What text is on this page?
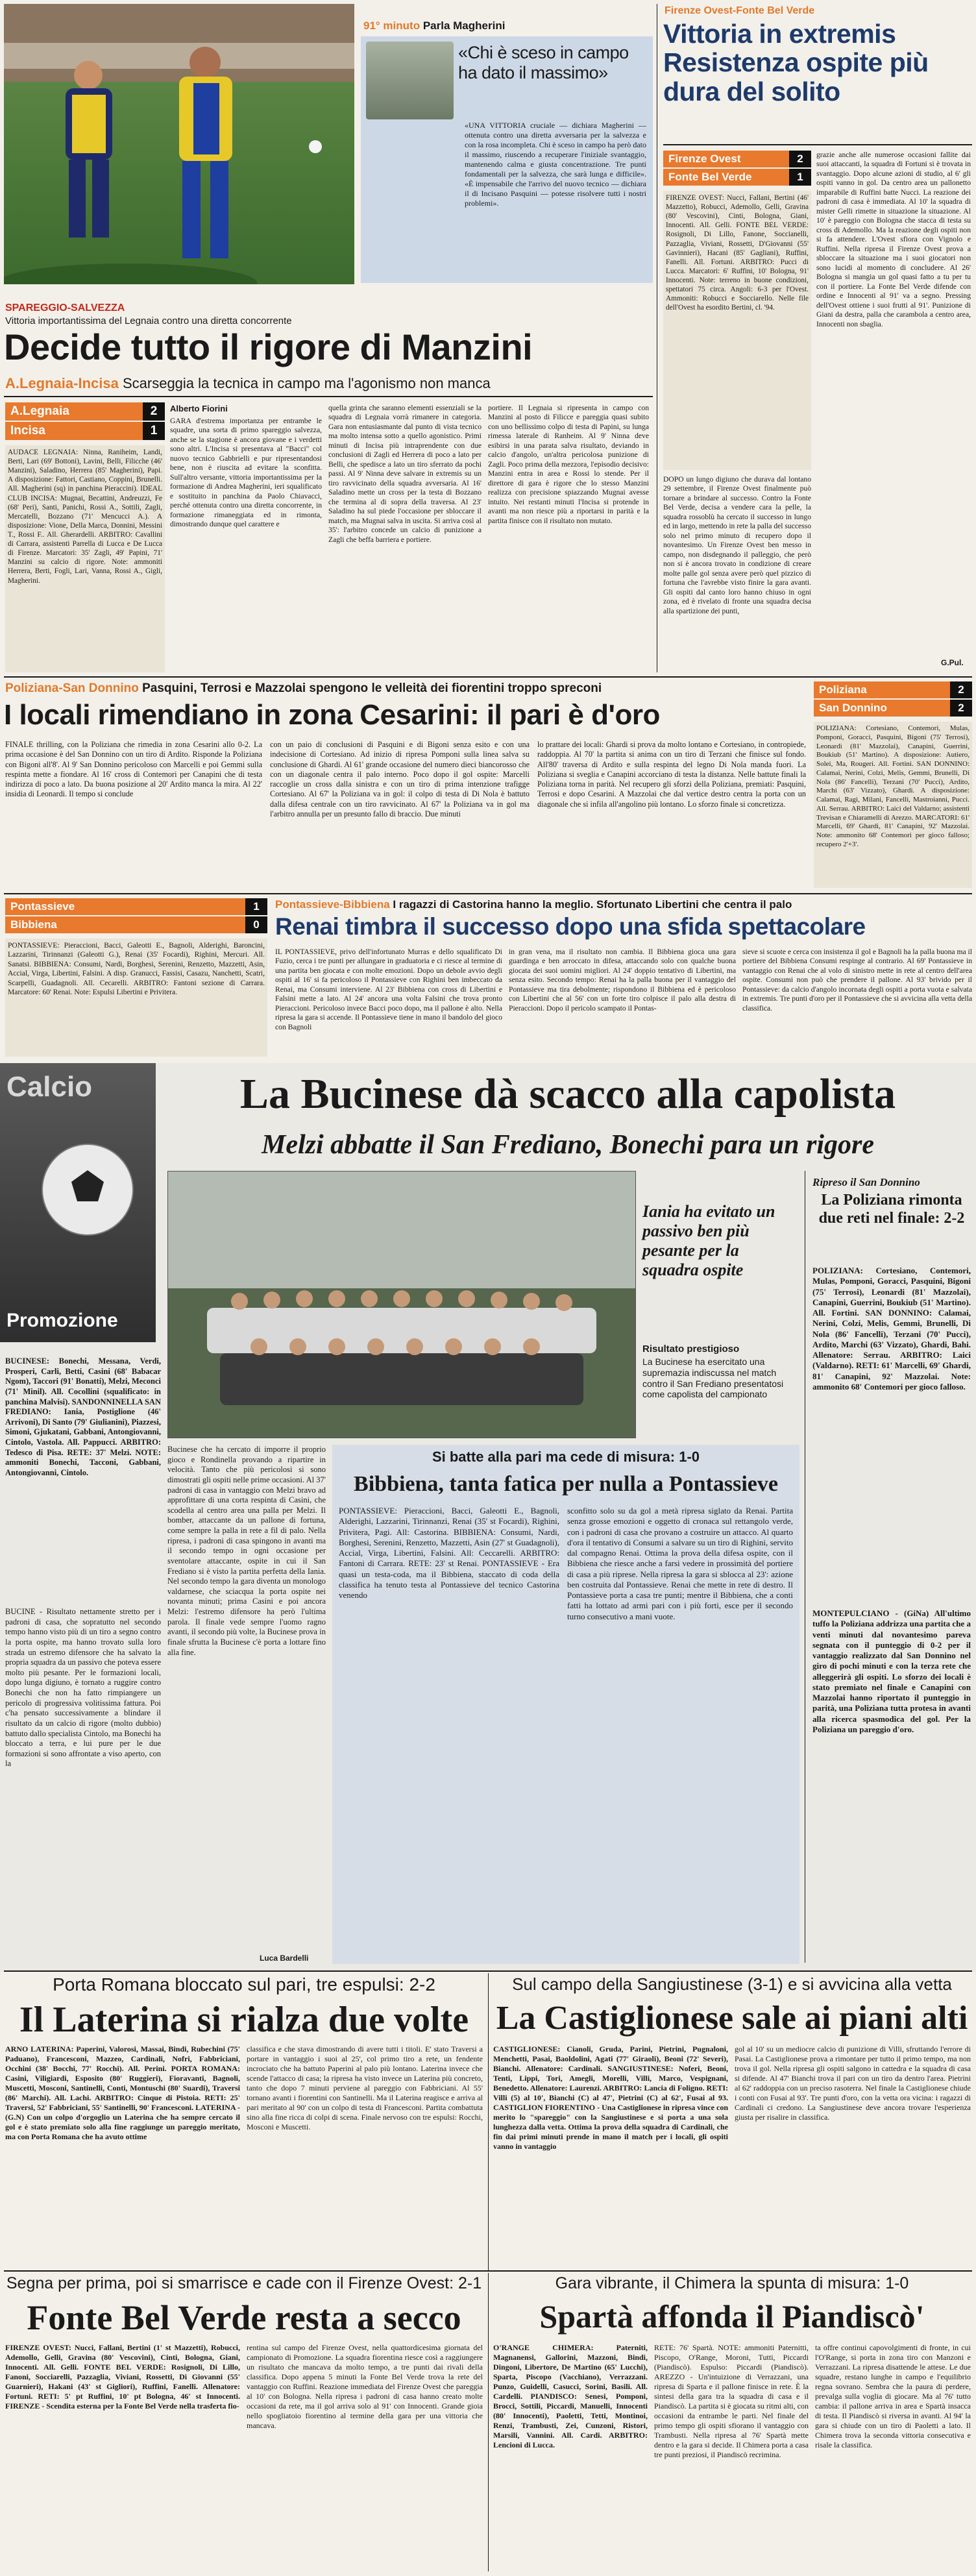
91° minuto Parla Magherini
«Chi è sceso in campo ha dato il massimo»
«UNA VITTORIA cruciale — dichiara Magherini — ottenuta contro una diretta avversaria per la salvezza e con la rosa incompleta. Chi è sceso in campo ha però dato il massimo, riuscendo a recuperare l'iniziale svantaggio, mantenendo calma e giusta concentrazione. Tre punti fondamentali per la salvezza, che sarà lunga e difficile». «È impensabile che l'arrivo del nuovo tecnico — dichiara il di Incisano Pasquini — potesse risolvere tutti i nostri problemi».
SPAREGGIO-SALVEZZA
Vittoria importantissima del Legnaia contro una diretta concorrente
Decide tutto il rigore di Manzini
A.Legnaia-Incisa Scarseggia la tecnica in campo ma l'agonismo non manca
A.Legnaia	2
Incisa	1
AUDACE LEGNAIA: Ninna, Raniheim, Landi, Berti, Lari (69' Bottoni), Lavini, Belli, Filicche (46' Manzini), Saladino, Herrera (85' Magherini), Papi. A disposizione: Fattori, Castiano, Coppini, Brunelli. All. Magherini (sq) in panchina Pieraccini). IDEAL CLUB INCISA: Mugnai, Becattini, Andreuzzi, Fe (68' Peri), Santi, Panichi, Rossi A., Sottili, Zagli, Mercatelli, Bozzano (71' Mencucci A.). A disposizione: Vione, Della Marca, Donnini, Messini T., Rossi F.. All. Gherardelli. ARBITRO: Cavallini di Carrara, assistenti Parrella di Lucca e De Lucca di Firenze. Marcatori: 35' Zagli, 49' Papini, 71' Manzini su calcio di rigore. Note: ammoniti Herrera, Berti, Fogli, Lari, Vanna, Rossi A., Gigli, Magherini.
Alberto Fiorini
GARA d'estrema importanza per entrambe le squadre, una sorta di primo spareggio salvezza, anche se la stagione è ancora giovane e i verdetti sono altri. L'Incisa si presentava al "Bacci" col nuovo tecnico Gabbrielli e pur ripresentandosi bene, non è riuscita ad evitare la sconfitta. Sull'altro versante, vittoria importantissima per la formazione di Andrea Magherini, ieri squalificato e sostituito in panchina da Paolo Chiavacci, perché ottenuta contro una diretta concorrente, in formazione rimaneggiata ed in rimonta, dimostrando dunque quel carattere e
quella grinta che saranno elementi essenziali se la squadra di Legnaia vorrà rimanere in categoria. Gara non entusiasmante dal punto di vista tecnico ma molto intensa sotto a quello agonistico. Primi minuti di Incisa più intraprendente con due conclusioni di Zagli ed Herrera di poco a lato per Belli, che spedisce a lato un tiro sferrato da pochi passi. Al 9' Ninna deve salvare in extremis su un tiro ravvicinato della squadra avversaria. Al 16' Saladino mette un cross per la testa di Bozzano che termina al di sopra della traversa. Al 23' Saladino ha sul piede l'occasione per sbloccare il match, ma Mugnai salva in uscita. Si arriva così al 35': l'arbitro concede un calcio di punizione a Zagli che beffa barriera e portiere.
portiere. Il Legnaia si ripresenta in campo con Manzini al posto di Filicce e pareggia quasi subito con uno bellissimo colpo di testa di Papini, su lunga rimessa laterale di Ranheim. Al 9' Ninna deve esibirsi in una parata salva risultato, deviando in calcio d'angolo, un'altra pericolosa punizione di Zagli. Poco prima della mezzora, l'episodio decisivo: Manzini entra in area e Rossi lo stende. Per il direttore di gara è rigore che lo stesso Manzini realizza con precisione spiazzando Mugnai avesse intuito. Nei restanti minuti l'Incisa si protende in avanti ma non riesce più a riportarsi in parità e la partita finisce con il risultato non mutato.
Firenze Ovest-Fonte Bel Verde
Vittoria in extremis Resistenza ospite più dura del solito
Firenze Ovest	2
Fonte Bel Verde	1
FIRENZE OVEST: Nucci, Fallani, Bertini (46' Mazzetto), Robucci, Ademollo, Gelli, Gravina (80' Vescovini), Cinti, Bologna, Giani, Innocenti. All. Gelli. FONTE BEL VERDE: Rosignoli, Di Lillo, Fanone, Soccianelli, Pazzaglia, Viviani, Rossetti, D'Giovanni (55' Gavinnieri), Hacani (85' Gagliani), Ruffini, Fanelli. All. Fortuni. ARBITRO: Pucci di Lucca. Marcatori: 6' Ruffini, 10' Bologna, 91' Innocenti. Note: terreno in buone condizioni, spettatori 75 circa. Angoli: 6-3 per l'Ovest. Ammoniti: Robucci e Socciarello. Nelle file dell'Ovest ha esordito Bertini, cl. '94.
DOPO un lungo digiuno che durava dal lontano 29 settembre, il Firenze Ovest finalmente può tornare a brindare al successo. Contro la Fonte Bel Verde, decisa a vendere cara la pelle, la squadra rossoblù ha cercato il successo in lungo ed in largo, mettendo in rete la palla del successo solo nel primo minuto di recupero dopo il novantesimo. Un Firenze Ovest ben messo in campo, non disdegnando il palleggio, che però non si è ancora trovato in condizione di creare molte palle gol senza avere però quel pizzico di fortuna che l'avrebbe visto finire la gara avanti. Gli ospiti dal canto loro hanno chiuso in ogni zona, ed è rivelato di fronte una squadra decisa alla spartizione dei punti,
grazie anche alle numerose occasioni fallite dai suoi attaccanti, la squadra di Fortuni si è trovata in svantaggio. Dopo alcune azioni di studio, al 6' gli ospiti vanno in gol. Da centro area un pallonetto imparabile di Ruffini batte Nucci. La reazione dei padroni di casa è immediata. Al 10' la squadra di mister Gelli rimette in situazione la situazione. Al 10' è pareggio con Bologna che stacca di testa su cross di Ademollo. Ma la reazione degli ospiti non si fa attendere. L'Ovest sfiora con Vignolo e Ruffini. Nella ripresa il Firenze Ovest prova a sbloccare la situazione ma i suoi giocatori non sono lucidi al momento di concludere. Al 26' Bologna si mangia un gol quasi fatto a tu per tu con il portiere. La Fonte Bel Verde difende con ordine e Innocenti al 91' va a segno. Pressing dell'Ovest ottiene i suoi frutti al 91'. Punizione di Giani da destra, palla che carambola a centro area, Innocenti non sbaglia.
G.Pul.
Poliziana-San Donnino Pasquini, Terrosi e Mazzolai spengono le velleità dei fiorentini troppo spreconi
I locali rimendiano in zona Cesarini: il pari è d'oro
Poliziana	2
San Donnino	2
POLIZIANA: Cortesiano, Contemori, Mulas, Pomponi, Goracci, Pasquini, Bigoni (75' Terrosi), Leonardi (81' Mazzolai), Canapini, Guerrini, Boukiub (51' Martino). A disposizione: Autiero, Solei, Ma, Rougeri. All. Fortini. SAN DONNINO: Calamai, Nerini, Colzi, Melis, Gemmi, Brunelli, Di Nola (86' Fancelli), Terzani (70' Pucci), Ardito, Marchi (63' Vizzato), Ghardi. A disposizione: Calamai, Ragi, Milani, Fancelli, Mastroianni, Pucci. All. Serrau. ARBITRO: Laici del Valdarno; assistenti Trevisan e Chiaramelli di Arezzo. MARCATORI: 61' Marcelli, 69' Ghardi, 81' Canapini, 92' Mazzolai. Note: ammonito 68' Contemori per gioco falloso; recupero 2'+3'.
FINALE thrilling, con la Poliziana che rimedia in zona Cesarini allo 0-2. La prima occasione è del San Donnino con un tiro di Ardito. Risponde la Poliziana con Bigoni all'8'. Al 9' San Donnino pericoloso con Marcelli e poi Gemmi sulla respinta mette a fiondare. Al 16' cross di Contemori per Canapini che di testa indirizza di poco a lato. Da buona posizione al 20' Ardito manca la mira. Al 22' insidia di Leonardi. Il tempo si conclude
con un paio di conclusioni di Pasquini e di Bigoni senza esito e con una indecisione di Cortesiano. Ad inizio di ripresa Pomponi sulla linea salva su conclusione di Ghardi. Al 61' grande occasione del numero dieci biancorosso che con un diagonale centra il palo interno. Poco dopo il gol ospite: Marcelli raccoglie un cross dalla sinistra e con un tiro di prima intenzione trafigge Cortesiano. Al 67' la Poliziana va in gol: il colpo di testa di Di Nola è battuto dalla difesa centrale con un tiro ravvicinato. Al 67' la Poliziana va in gol ma l'arbitro annulla per un presunto fallo di braccio. Due minuti
lo prattare dei locali: Ghardi si prova da molto lontano e Cortesiano, in contropiede, raddoppia. Al 70' la partita si anima con un tiro di Terzani che finisce sul fondo. All'80' traversa di Ardito e sulla respinta del legno Di Nola manda fuori. La Poliziana si sveglia e Canapini accorciano di testa la distanza. Nelle battute finali la Poliziana torna in parità. Nel recupero gli sforzi della Poliziana, premiati: Pasquini, Terrosi e dopo Cesarini. A Mazzolai che dal vertice destro centra la porta con un diagonale che si infila all'angolino più lontano. Lo sforzo finale si concretizza.
Pontassieve	1
Bibbiena	0
PONTASSIEVE: Pieraccioni, Bacci, Galeotti E., Bagnoli, Alderighi, Baroncini, Lazzarini, Tirinnanzi (Galeotti G.), Renai (35' Focardi), Righini, Mercuri. All. Sanatsi. BIBBIENA: Consumi, Nardi, Borghesi, Serenini, Renzetto, Mazzetti, Asin, Accial, Virga, Libertini, Falsini. A disp. Granucci, Fassisi, Casazu, Nanchetti, Scatri, Scarpelli, Guadagnoli. All. Cecarelli. ARBITRO: Fantoni sezione di Carrara. Marcatore: 60' Renai. Note: Espulsi Libertini e Privitera.
Pontassieve-Bibbiena I ragazzi di Castorina hanno la meglio. Sfortunato Libertini che centra il palo
Renai timbra il successo dopo una sfida spettacolare
IL PONTASSIEVE, privo dell'infortunato Murras e dello squalificato Di Fuzio, cerca i tre punti per allungare in graduatoria e ci riesce al termine di una partita ben giocata e con molte emozioni. Dopo un debole avvio degli ospiti al 16' si fa pericoloso il Pontassieve con Righini ben imbeccato da Renai, ma Consumi interviene. Al 23' Bibbiena con cross di Libertini e Falsini mette a lato. Al 24' ancora una volta Falsini che trova pronto Pieraccioni. Pericoloso invece Bacci poco dopo, ma il pallone è alto. Nella ripresa la gara si accende. Il Pontassieve tiene in mano il bandolo del gioco con Bagnoli
in gran vena, ma il risultato non cambia. Il Bibbiena gioca una gara guardinga e ben arroccato in difesa, attaccando solo con qualche buona giocata dei suoi uomini migliori. Al 24' doppio tentativo di Libertini, ma senza esito. Secondo tempo: Renai ha la palla buona per il vantaggio del Pontassieve ma tira debolmente; rispondono il Bibbiena ed è pericoloso con Libertini che al 56' con un forte tiro colpisce il palo alla destra di Pieraccioni. Dopo il pericolo scampato il Pontas-
sieve si scuote e cerca con insistenza il gol e Bagnoli ha la palla buona ma il portiere del Bibbiena Consumi respinge al contrario. Al 69' Pontassieve in vantaggio con Renai che al volo di sinistro mette in rete al centro dell'area ospite. Consumi non può che prendere il pallone. Al 93' brivido per il Pontassieve: da calcio d'angolo incornata degli ospiti a porta vuota e salvata in extremis. Tre punti d'oro per il Pontassieve che si avvicina alla vetta della classifica.
Calcio
Promozione
La Bucinese dà scacco alla capolista
Melzi abbatte il San Frediano, Bonechi para un rigore
Iania ha evitato un passivo ben più pesante per la squadra ospite
Risultato prestigioso
La Bucinese ha esercitato una supremazia indiscussa nel match contro il San Frediano presentatosi come capolista del campionato
BUCINESE: Bonechi, Messana, Verdi, Prosperi, Carli, Betti, Casini (68' Babacar Ngom), Taccori (91' Bonatti), Melzi, Meconci (71' Minil). All. Cocollini (squalificato: in panchina Malvisi). SANDONNINELLA SAN FREDIANO: Iania, Postiglione (46' Arrivoni), Di Santo (79' Giulianini), Piazzesi, Simoni, Gjukatani, Gabbani, Antongiovanni, Cintolo, Vastola. All. Pappucci. ARBITRO: Tedesco di Pisa. RETE: 37' Melzi. NOTE: ammoniti Bonechi, Tacconi, Gabbani, Antongiovanni, Cintolo.
BUCINE - Risultato nettamente stretto per i padroni di casa, che sopratutto nel secondo tempo hanno visto più di un tiro a segno contro la porta ospite, ma hanno trovato sulla loro strada un estremo difensore che ha salvato la propria squadra da un passivo che poteva essere molto più pesante. Per le formazioni locali, dopo lunga digiuno, è tornato a ruggire contro Bonechi che non ha fatto rimpiangere un pericolo di progressiva volitissima fattura. Poi c'ha pensato successivamente a blindare il risultato da un calcio di rigore (molto dubbio) battuto dallo specialista Cintolo, ma Bonechi ha bloccato a terra, e lui pure per le due formazioni si sono affrontate a viso aperto, con la
Bucinese che ha cercato di imporre il proprio gioco e Rondinella provando a ripartire in velocità. Tanto che più pericolosi si sono dimostrati gli ospiti nelle prime occasioni. Al 37' padroni di casa in vantaggio con Melzi bravo ad approfittare di una corta respinta di Casini, che scodella al centro area una palla per Melzi. Il bomber, attaccante da un pallone di fortuna, come sempre la palla in rete a fil di palo. Nella ripresa, i padroni di casa spingono in avanti ma il secondo tempo in ogni occasione per sventolare attaccante, ospite in cui il San Frediano si è visto la partita perfetta della Iania. Nel secondo tempo la gara diventa un monologo valdarnese, che sciacqua la porta ospite nei novanta minuti; prima Casini e poi ancora Melzi: l'estremo difensore ha però l'ultima parola. Il finale vede sempre l'uomo ragno avanti, il secondo più volte, la Bucinese prova in finale sfrutta la Bucinese c'è porta a lottare fino alla fine.
Luca Bardelli
Si batte alla pari ma cede di misura: 1-0
Bibbiena, tanta fatica per nulla a Pontassieve
PONTASSIEVE: Pieraccioni, Bacci, Galeotti E., Bagnoli, Alderighi, Lazzarini, Tirinnanzi, Renai (35' st Focardi), Righini, Privitera, Pagi. All: Castorina. BIBBIENA: Consumi, Nardi, Borghesi, Serenini, Renzetto, Mazzetti, Asin (27' st Guadagnoli), Accial, Virga, Libertini, Falsini. All: Ceccarelli. ARBITRO: Fantoni di Carrara. RETE: 23' st Renai. PONTASSIEVE - Era quasi un testa-coda, ma il Bibbiena, staccato di coda della classifica ha tenuto testa al Pontassieve del tecnico Castorina venendo
sconfitto solo su da gol a metà ripresa siglato da Renai. Partita senza grosse emozioni e oggetto di cronaca sul rettangolo verde, con i padroni di casa che provano a costruire un attacco. Al quarto d'ora il tentativo di Consumi a salvare su un tiro di Righini, servito dal compagno Renai. Ottima la prova della difesa ospite, con il Bibbiena che riesce anche a farsi vedere in prossimità del portiere di casa a più riprese. Nella ripresa la gara si sblocca al 23': azione ben costruita dal Pontassieve. Renai che mette in rete di destro. Il Pontassieve porta a casa tre punti; mentre il Bibbiena, che a conti fatti ha lottato ad armi pari con i più forti, esce per il secondo turno consecutivo a mani vuote.
Ripreso il San Donnino
La Poliziana rimonta due reti nel finale: 2-2
POLIZIANA: Cortesiano, Contemori, Mulas, Pomponi, Goracci, Pasquini, Bigoni (75' Terrosi), Leonardi (81' Mazzolai), Canapini, Guerrini, Boukiub (51' Martino). All. Fortini. SAN DONNINO: Calamai, Nerini, Colzi, Melis, Gemmi, Brunelli, Di Nola (86' Fancelli), Terzani (70' Pucci), Ardito, Marchi (63' Vizzato), Ghardi, Bahi. Allenatore: Serrau. ARBITRO: Laici (Valdarno). RETI: 61' Marcelli, 69' Ghardi, 81' Canapini, 92' Mazzolai. Note: ammonito 68' Contemori per gioco falloso.
MONTEPULCIANO - (GiNa) All'ultimo tuffo la Poliziana addrizza una partita che a venti minuti dal novantesimo pareva segnata con il punteggio di 0-2 per il vantaggio realizzato dal San Donnino nel giro di pochi minuti e con la terza rete che alleggerirà gli ospiti. Lo sforzo dei locali è stato premiato nel finale e Canapini con Mazzolai hanno riportato il punteggio in parità, una Poliziana tutta protesa in avanti alla ricerca spasmodica del gol. Per la Poliziana un pareggio d'oro.
Porta Romana bloccato sul pari, tre espulsi: 2-2
Il Laterina si rialza due volte
ARNO LATERINA: Paperini, Valorosi, Massai, Bindi, Rubechini (75' Paduano), Francesconi, Mazzeo, Cardinali, Nofri, Fabbriciani, Occhini (38' Bocchi, 77' Rocchi). All. Perini. PORTA ROMANA: Casini, Viligiardi, Esposito (80' Ruggieri), Fioravanti, Bagnoli, Muscetti, Mosconi, Santinelli, Conti, Montuschi (80' Suardi), Traversi (86' Marchi). All. Lachi. ARBITRO: Cinque di Pistoia. RETI: 25' Traversi, 52' Fabbriciani, 55' Santinelli, 90' Francesconi. LATERINA - (G.N) Con un colpo d'orgoglio un Laterina che ha sempre cercato il gol e è stato premiato solo alla fine raggiunge un pareggio meritato, ma con Porta Romana che ha avuto ottime
classifica e che stava dimostrando di avere tutti i titoli. E' stato Traversi a portare in vantaggio i suoi al 25', col primo tiro a rete, un fendente incrociato che ha battuto Paperini al palo più lontano. Laterina invece che scende l'attacco di casa; la ripresa ha visto invece un Laterina più concreto, tanto che dopo 7 minuti perviene al pareggio con Fabbriciani. Al 55' tornano avanti i fiorentini con Santinelli. Ma il Laterina reagisce e arriva al pari meritato al 90' con un colpo di testa di Francesconi. Partita combattuta sino alla fine ricca di colpi di scena. Finale nervoso con tre espulsi: Rocchi, Mosconi e Muscetti.
Sul campo della Sangiustinese (3-1) e si avvicina alla vetta
La Castiglionese sale ai piani alti
CASTIGLIONESE: Cianoli, Gruda, Parini, Pietrini, Pugnaloni, Menchetti, Pasai, Baoldolini, Agati (77' Giraoli), Beoni (72' Severi), Bianchi. Allenatore: Cardinali. SANGIUSTINESE: Noferi, Beoni, Tenti, Lippi, Tori, Amegli, Morelli, Villi, Marco, Vespignani, Benedetto. Allenatore: Laurenzi. ARBITRO: Lancia di Foligno. RETI: Villi (5) al 10', Bianchi (C) al 47', Pietrini (C) al 62', Fusai al 93. CASTIGLION FIORENTINO - Una Castiglionese in ripresa vince con merito lo "spareggio" con la Sangiustinese e si porta a una sola lunghezza dalla vetta. Ottima la prova della squadra di Cardinali, che fin dai primi minuti prende in mano il match per i locali, gli ospiti vanno in vantaggio
gol al 10' su un mediocre calcio di punizione di Villi, sfruttando l'errore di Pasai. La Castiglionese prova a rimontare per tutto il primo tempo, ma non trova il gol. Nella ripresa gli ospiti salgono in cattedra e la squadra di casa si difende. Al 47' Bianchi trova il pari con un tiro da dentro l'area. Pietrini al 62' raddoppia con un preciso rasoterra. Nel finale la Castiglionese chiude i conti con Fusai al 93'. Tre punti d'oro, con la vetta ora vicina: i ragazzi di Cardinali ci credono. La Sangiustinese deve ancora trovare l'esperienza giusta per risalire in classifica.
Segna per prima, poi si smarrisce e cade con il Firenze Ovest: 2-1
Fonte Bel Verde resta a secco
FIRENZE OVEST: Nucci, Fallani, Bertini (1' st Mazzetti), Robucci, Ademollo, Gelli, Gravina (80' Vescovini), Cinti, Bologna, Giani, Innocenti. All. Gelli. FONTE BEL VERDE: Rosignoli, Di Lillo, Fanoni, Socciarelli, Pazzaglia, Viviani, Rossetti, Di Giovanni (55' Guarnieri), Hakani (43' st Gigliori), Ruffini, Fanelli. Allenatore: Fortuni. RETI: 5' pt Ruffini, 10' pt Bologna, 46' st Innocenti. FIRENZE - Scendita esterna per la Fonte Bel Verde nella trasferta fio-
rentina sul campo del Firenze Ovest, nella quattordicesima giornata del campionato di Promozione. La squadra fiorentina riesce così a raggiungere un risultato che mancava da molto tempo, a tre punti dai rivali della classifica. Dopo appena 5 minuti la Fonte Bel Verde trova la rete del vantaggio con Ruffini. Reazione immediata del Firenze Ovest che pareggia al 10' con Bologna. Nella ripresa i padroni di casa hanno creato molte occasioni da rete, ma il gol arriva solo al 91' con Innocenti. Grande gioia nello spogliatoio fiorentino al termine della gara per una vittoria che mancava.
Gara vibrante, il Chimera la spunta di misura: 1-0
Spartà affonda il Piandiscò'
O'RANGE CHIMERA: Paterniti, Magnanensi, Gallorini, Mazzoni, Bindi, Dingoni, Libertore, De Martino (65' Lucchi), Sparta, Piscopo (Vacchiano), Verrazzani. Punzo, Guidelli, Casucci, Sorini, Basili. All. Cardelli. PIANDISCO: Senesi, Pomponi, Brocci, Sottili, Piccardi, Manuelli, Innocenti (80' Innocenti), Paoletti, Tetti, Montinoi, Renzi, Trambusti, Zei, Cunzoni, Ristori, Marsili, Vannini. All. Cardi. ARBITRO: Lencioni di Lucca.
RETE: 76' Spartà. NOTE: ammoniti Paternitti, Piscopo, O'Range, Moroni, Tutti, Piccardi (Piandiscò). Espulso: Piccardi (Piandiscò). AREZZO - Un'intuizione di Verrazzani, una ripresa di Sparta e il pallone finisce in rete. È la sintesi della gara tra la squadra di casa e il Piandiscò. La partita si è giocata su ritmi alti, con occasioni da entrambe le parti. Nel finale del primo tempo gli ospiti sfiorano il vantaggio con Trambusti. Nella ripresa al 76' Spartà mette dentro e la gara si decide. Il Chimera porta a casa tre punti preziosi, il Piandiscò recrimina.
ta offre continui capovolgimenti di fronte, in cui l'O'Range, si porta in zona tiro con Manzoni e Verrazzani. La ripresa disattende le attese. Le due squadre, restano lunghe in campo e l'equilibrio regna sovrano. Sembra che la paura di perdere, prevalga sulla voglia di giocare. Ma al 76' tutto cambia: il pallone arriva in area e Spartà insacca di testa. Il Piandiscò si riversa in avanti. Al 94' la gara si chiude con un tiro di Paoletti a lato. Il Chimera trova la seconda vittoria consecutiva e risale la classifica.
